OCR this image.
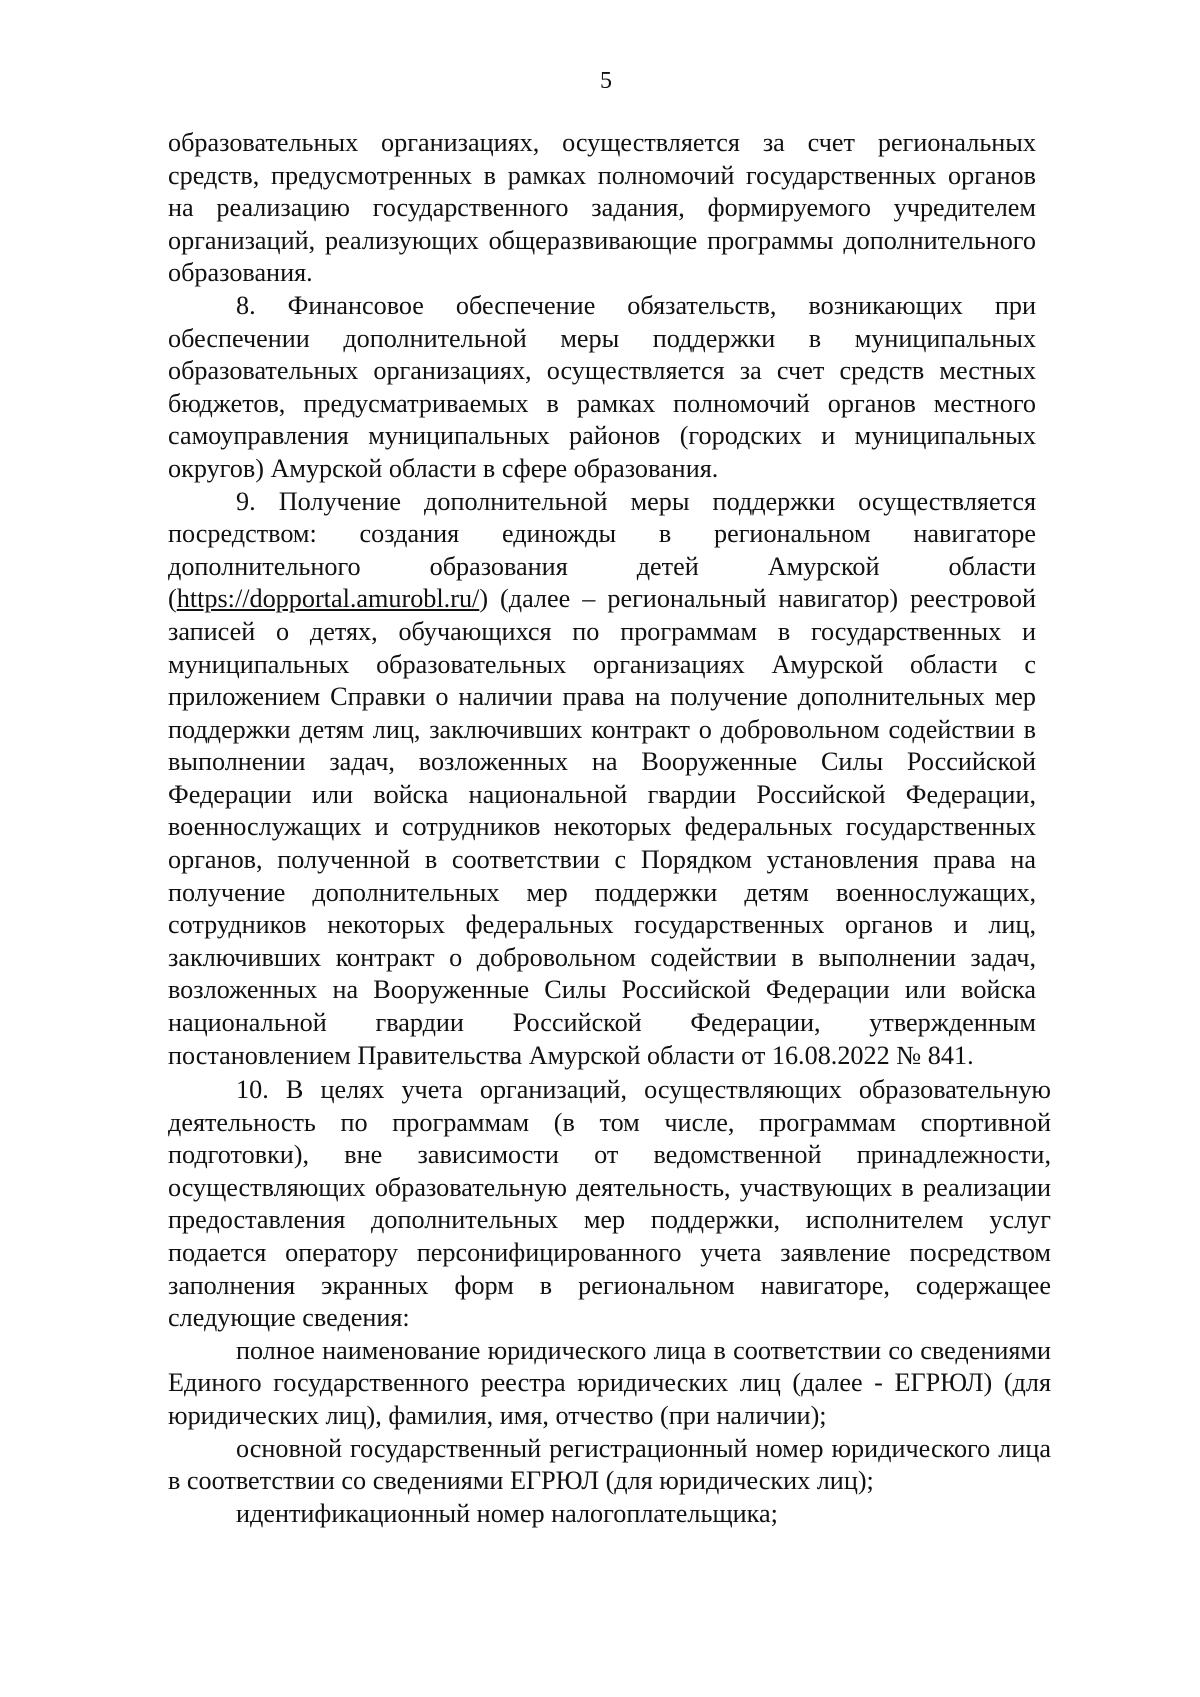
5

образовательных организациях, осуществляется за счет региональных средств, предусмотренных в рамках полномочий государственных органов на реализацию государственного задания, формируемого учредителем организаций, реализующих общеразвивающие программы дополнительного образования.

8. Финансовое обеспечение обязательств, возникающих при обеспечении дополнительной меры поддержки в муниципальных образовательных организациях, осуществляется за счет средств местных бюджетов, предусматриваемых в рамках полномочий органов местного самоуправления муниципальных районов (городских и муниципальных округов) Амурской области в сфере образования.

9. Получение дополнительной меры поддержки осуществляется посредством: создания единожды в региональном навигаторе дополнительного образования детей Амурской области (https://dopportal.amurobl.ru/) (далее – региональный навигатор) реестровой записей о детях, обучающихся по программам в государственных и муниципальных образовательных организациях Амурской области с приложением Справки о наличии права на получение дополнительных мер поддержки детям лиц, заключивших контракт о добровольном содействии в выполнении задач, возложенных на Вооруженные Силы Российской Федерации или войска национальной гвардии Российской Федерации, военнослужащих и сотрудников некоторых федеральных государственных органов, полученной в соответствии с Порядком установления права на получение дополнительных мер поддержки детям военнослужащих, сотрудников некоторых федеральных государственных органов и лиц, заключивших контракт о добровольном содействии в выполнении задач, возложенных на Вооруженные Силы Российской Федерации или войска национальной гвардии Российской Федерации, утвержденным постановлением Правительства Амурской области от 16.08.2022 № 841.

10. В целях учета организаций, осуществляющих образовательную деятельность по программам (в том числе, программам спортивной подготовки), вне зависимости от ведомственной принадлежности, осуществляющих образовательную деятельность, участвующих в реализации предоставления дополнительных мер поддержки, исполнителем услуг подается оператору персонифицированного учета заявление посредством заполнения экранных форм в региональном навигаторе, содержащее следующие сведения:

полное наименование юридического лица в соответствии со сведениями Единого государственного реестра юридических лиц (далее - ЕГРЮЛ) (для юридических лиц), фамилия, имя, отчество (при наличии);

основной государственный регистрационный номер юридического лица в соответствии со сведениями ЕГРЮЛ (для юридических лиц);

идентификационный номер налогоплательщика;
